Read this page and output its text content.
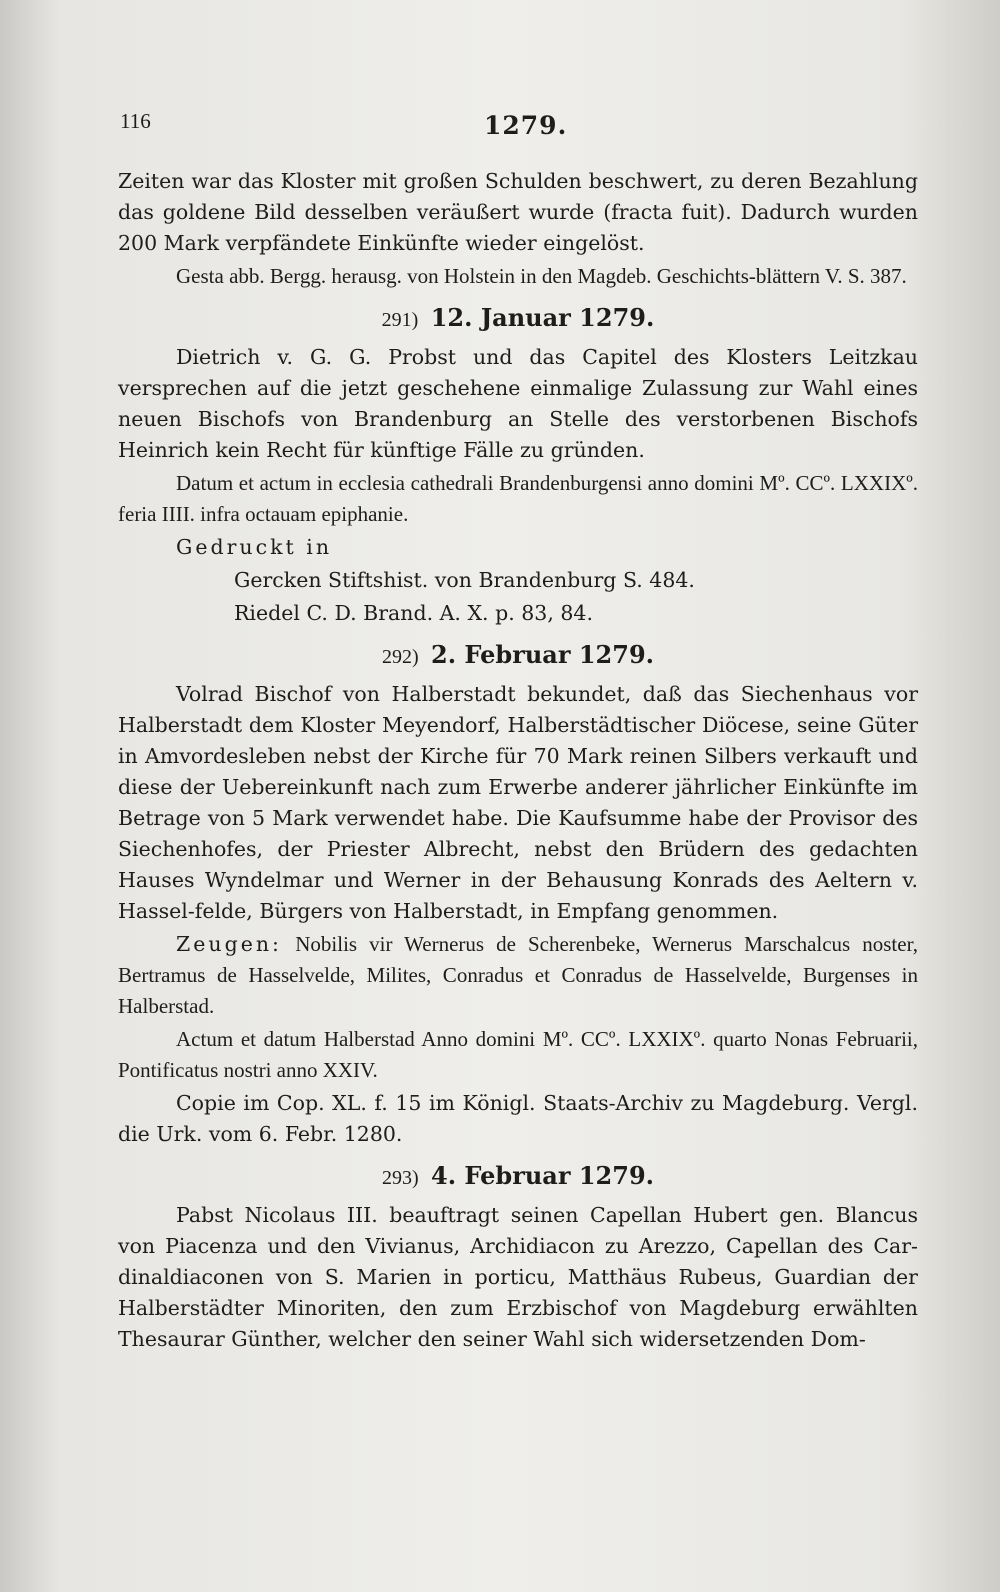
116	1279.

Zeiten war das Kloster mit großen Schulden beschwert, zu deren Bezahlung das goldene Bild desselben veräußert wurde (fracta fuit). Dadurch wurden 200 Mark verpfändete Einkünfte wieder eingelöst.

Gesta abb. Bergg. herausg. von Holstein in den Magdeb. Geschichts-blättern V. S. 387.

291) 12. Januar 1279.

Dietrich v. G. G. Probst und das Capitel des Klosters Leitzkau versprechen auf die jetzt geschehene einmalige Zulassung zur Wahl eines neuen Bischofs von Brandenburg an Stelle des verstorbenen Bischofs Heinrich kein Recht für künftige Fälle zu gründen.

Datum et actum in ecclesia cathedrali Brandenburgensi anno domini Mº. CCº. LXXIXº. feria IIII. infra octauam epiphanie.

Gedruckt in

Gercken Stiftshist. von Brandenburg S. 484.

Riedel C. D. Brand. A. X. p. 83, 84.

292) 2. Februar 1279.

Volrad Bischof von Halberstadt bekundet, daß das Siechenhaus vor Halberstadt dem Kloster Meyendorf, Halberstädtischer Diöcese, seine Güter in Amvordesleben nebst der Kirche für 70 Mark reinen Silbers verkauft und diese der Uebereinkunft nach zum Erwerbe anderer jährlicher Einkünfte im Betrage von 5 Mark verwendet habe. Die Kaufsumme habe der Provisor des Siechenhofes, der Priester Albrecht, nebst den Brüdern des gedachten Hauses Wyndelmar und Werner in der Behausung Konrads des Aeltern v. Hassel-felde, Bürgers von Halberstadt, in Empfang genommen.

Zeugen: Nobilis vir Wernerus de Scherenbeke, Wernerus Marschalcus noster, Bertramus de Hasselvelde, Milites, Conradus et Conradus de Hasselvelde, Burgenses in Halberstad.

Actum et datum Halberstad Anno domini Mº. CCº. LXXIXº. quarto Nonas Februarii, Pontificatus nostri anno XXIV.

Copie im Cop. XL. f. 15 im Königl. Staats-Archiv zu Magdeburg. Vergl. die Urk. vom 6. Febr. 1280.

293) 4. Februar 1279.

Pabst Nicolaus III. beauftragt seinen Capellan Hubert gen. Blancus von Piacenza und den Vivianus, Archidiacon zu Arezzo, Capellan des Car-dinaldiaconen von S. Marien in porticu, Matthäus Rubeus, Guardian der Halberstädter Minoriten, den zum Erzbischof von Magdeburg erwählten Thesaurar Günther, welcher den seiner Wahl sich widersetzenden Dom-
